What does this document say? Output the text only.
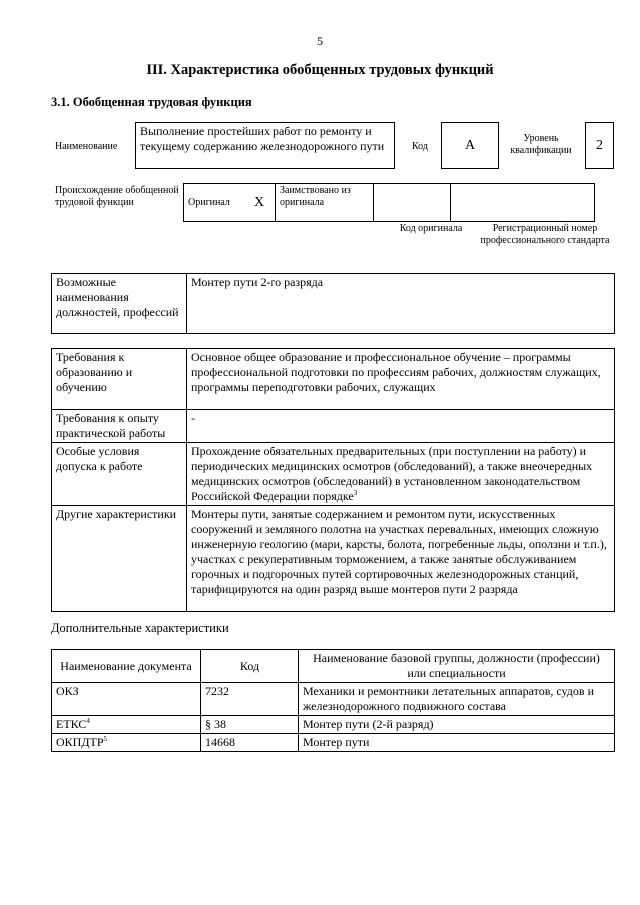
5
III. Характеристика обобщенных трудовых функций
3.1. Обобщенная трудовая функция
Наименование
Выполнение простейших работ по ремонту и текущему содержанию железнодорожного пути	Код	А	Уровень квалификации	2
Происхождение обобщенной трудовой функции	Оригинал	X	Заимствовано из оригинала		
Код оригинала	Регистрационный номер профессионального стандарта
Возможные наименования должностей, профессий	Монтер пути 2-го разряда
Требования к образованию и обучению	Основное общее образование и профессиональное обучение – программы профессиональной подготовки по профессиям рабочих, должностям служащих, программы переподготовки рабочих, служащих
Требования к опыту практической работы	-
Особые условия допуска к работе	Прохождение обязательных предварительных (при поступлении на работу) и периодических медицинских осмотров (обследований), а также внеочередных медицинских осмотров (обследований) в установленном законодательством Российской Федерации порядке$^3$
Другие характеристики	Монтеры пути, занятые содержанием и ремонтом пути, искусственных сооружений и земляного полотна на участках перевальных, имеющих сложную инженерную геологию (мари, карсты, болота, погребенные льды, оползни и т.п.), участках с рекуперативным торможением, а также занятые обслуживанием горочных и подгорочных путей сортировочных железнодорожных станций, тарифицируются на один разряд выше монтеров пути 2 разряда
Дополнительные характеристики
Наименование документа	Код	Наименование базовой группы, должности (профессии) или специальности
ОКЗ	7232	Механики и ремонтники летательных аппаратов, судов и железнодорожного подвижного состава
ЕТКС$^4$	§ 38	Монтер пути (2-й разряд)
ОКПДТР$^5$	14668	Монтер пути
